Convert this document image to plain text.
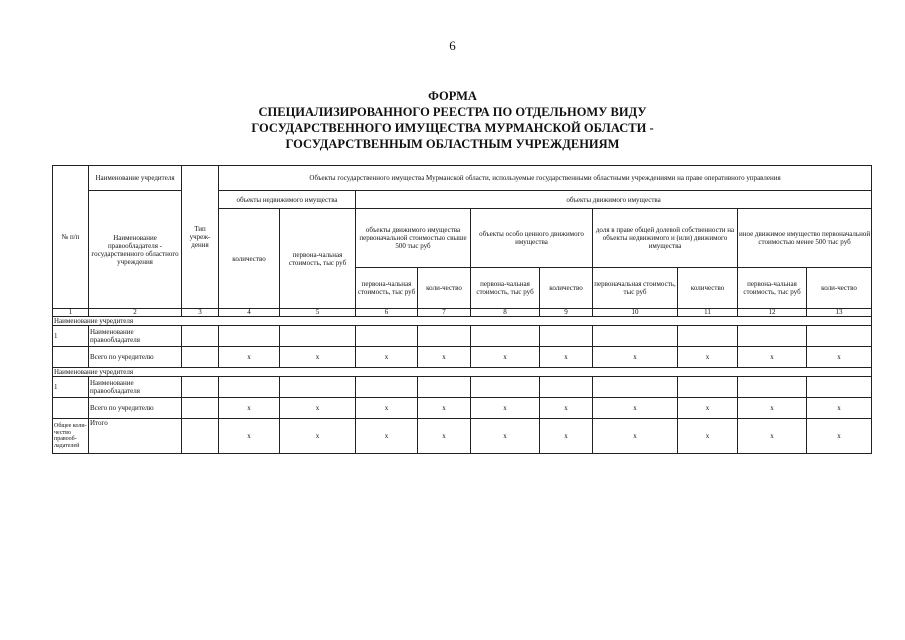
6
ФОРМА
СПЕЦИАЛИЗИРОВАННОГО РЕЕСТРА ПО ОТДЕЛЬНОМУ ВИДУ
ГОСУДАРСТВЕННОГО ИМУЩЕСТВА МУРМАНСКОЙ ОБЛАСТИ -
ГОСУДАРСТВЕННЫМ ОБЛАСТНЫМ УЧРЕЖДЕНИЯМ
№ п/п	Наименование учредителя	Тип учреж-дения	Объекты государственного имущества Мурманской области, используемые государственными областными учреждениями на праве оперативного управления									
	Наименование правообладателя - государственного областного учреждения		объекты недвижимого имущества		объекты движимого имущества							
			количество	первона-чальная стоимость, тыс руб	объекты движимого имущества первоначальной стоимостью свыше 500 тыс руб		объекты особо ценного движимого имущества		доля в праве общей долевой собственности на объекты недвижимого и (или) движимого имущества		иное движимое имущество первоначальной стоимостью менее 500 тыс руб	
					первона-чальная стоимость, тыс руб	коли-чество	первона-чальная стоимость, тыс руб	количество	первоначальная стоимость, тыс руб	количество	первона-чальная стоимость, тыс руб	коли-чество
1	2	3	4	5	6	7	8	9	10	11	12	13
Наименование учредителя												
1	Наименование правообладателя											
	Всего по учредителю		x	x	x	x	x	x	x	x	x	x
Наименование учредителя												
1	Наименование правообладателя											
	Всего по учредителю		x	x	x	x	x	x	x	x	x	x
Общее коли-чество правооб-ладателей	Итого		x	x	x	x	x	x	x	x	x	x
